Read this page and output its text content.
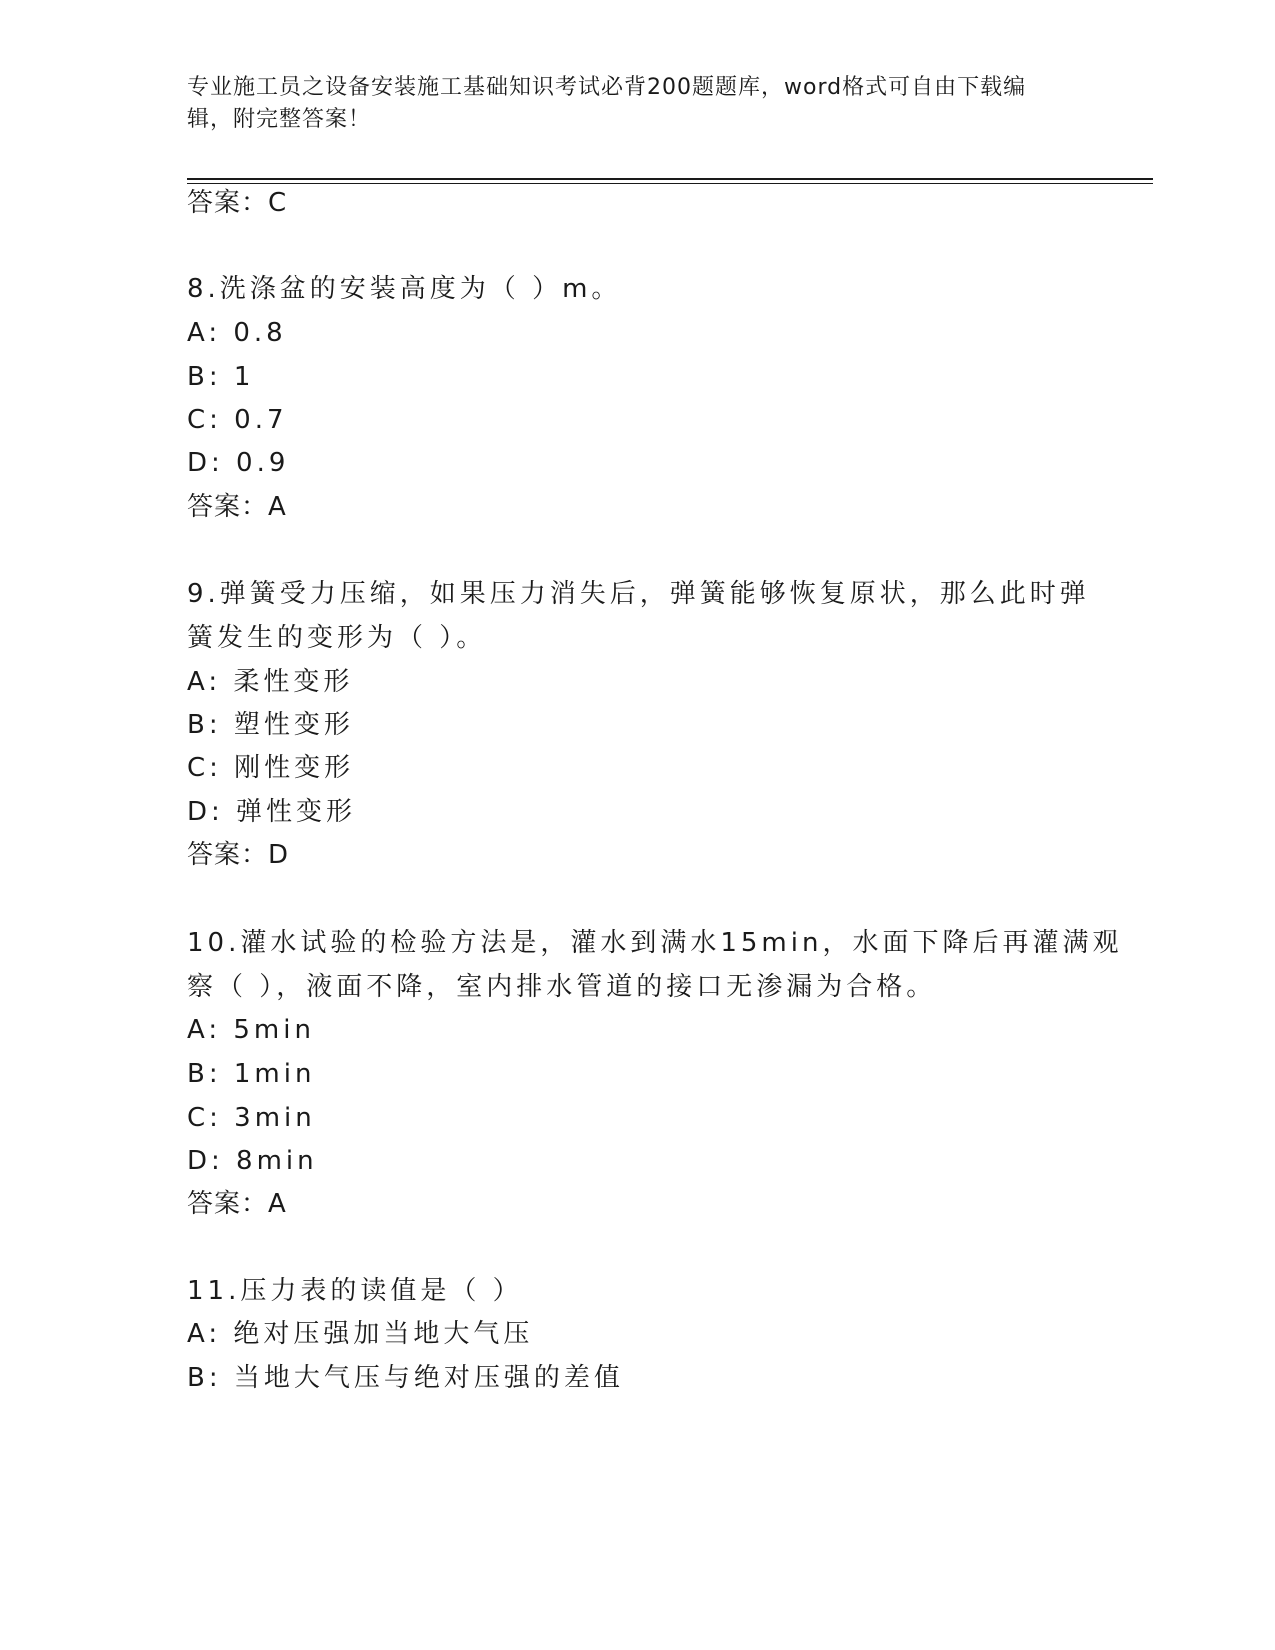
专业施工员之设备安装施工基础知识考试必背200题题库，word格式可自由下载编辑，附完整答案！
答案：C
8.洗涤盆的安装高度为（ ）m。
A: 0.8
B: 1
C: 0.7
D: 0.9
答案：A
9.弹簧受力压缩，如果压力消失后，弹簧能够恢复原状，那么此时弹
簧发生的变形为（ ）。
A: 柔性变形
B: 塑性变形
C: 刚性变形
D: 弹性变形
答案：D
10.灌水试验的检验方法是，灌水到满水15min，水面下降后再灌满观
察（ ），液面不降，室内排水管道的接口无渗漏为合格。
A: 5min
B: 1min
C: 3min
D: 8min
答案：A
11.压力表的读值是（ ）
A: 绝对压强加当地大气压
B: 当地大气压与绝对压强的差值
